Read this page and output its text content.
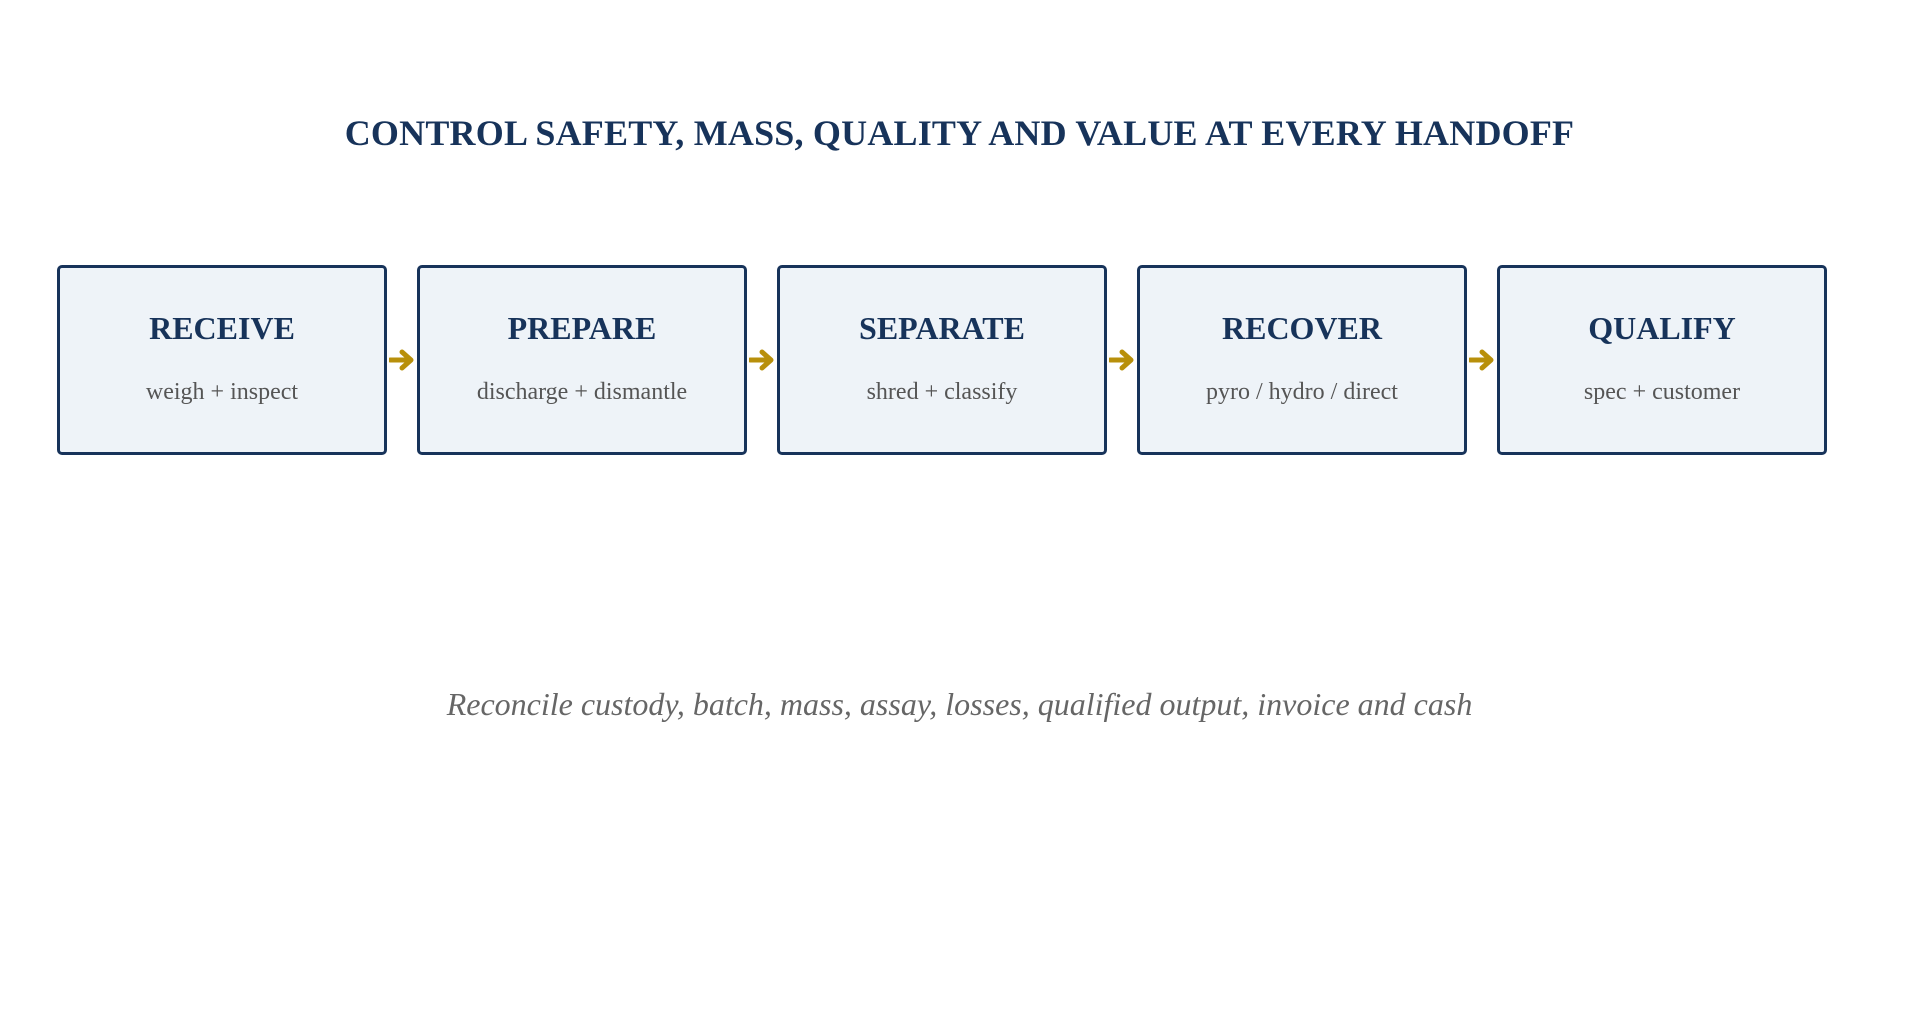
CONTROL SAFETY, MASS, QUALITY AND VALUE AT EVERY HANDOFF
RECEIVE
weigh + inspect
PREPARE
discharge + dismantle
SEPARATE
shred + classify
RECOVER
pyro / hydro / direct
QUALIFY
spec + customer
Reconcile custody, batch, mass, assay, losses, qualified output, invoice and cash
